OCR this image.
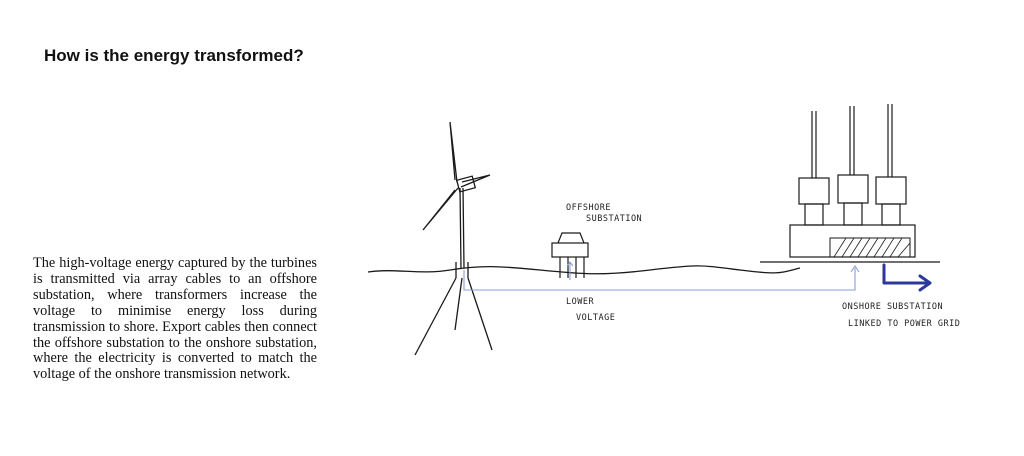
How is the energy transformed?
The high-voltage energy captured by the turbines is transmitted via array cables to an offshore substation, where transformers increase the voltage to minimise energy loss during transmission to shore. Export cables then connect the offshore substation to the onshore substation, where the electricity is converted to match the voltage of the onshore transmission network.
OFFSHORE
SUBSTATION
LOWER
VOLTAGE
ONSHORE SUBSTATION
LINKED TO POWER GRID
